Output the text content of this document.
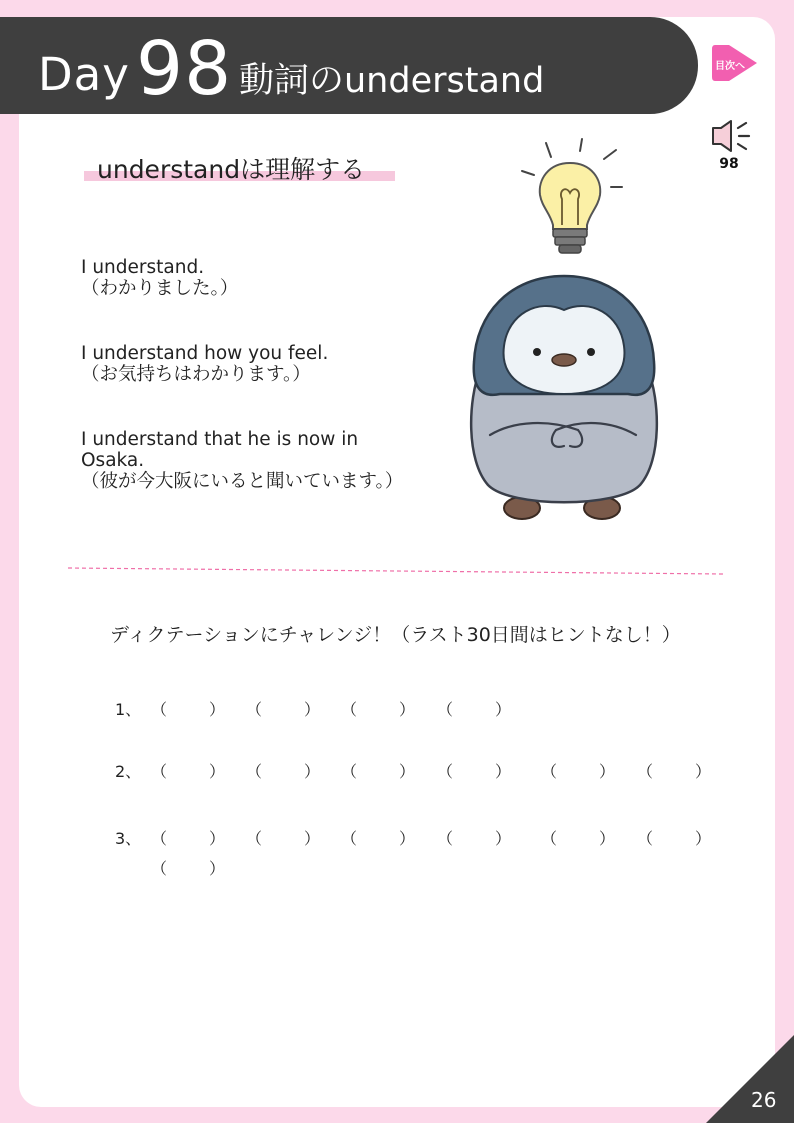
Day 98 動詞のunderstand	目次へ
98
understandは理解する
I understand.
（わかりました。）
I understand how you feel.
（お気持ちはわかります。）
I understand that he is now in Osaka.
（彼が今大阪にいると聞いています。）
ディクテーションにチャレンジ！（ラスト30日間はヒントなし！）
1、 （	） （	） （	） （	）
2、 （	） （	） （	） （	） （	） （	）
3、 （	） （	） （	） （	） （	） （	）
（	）
26
